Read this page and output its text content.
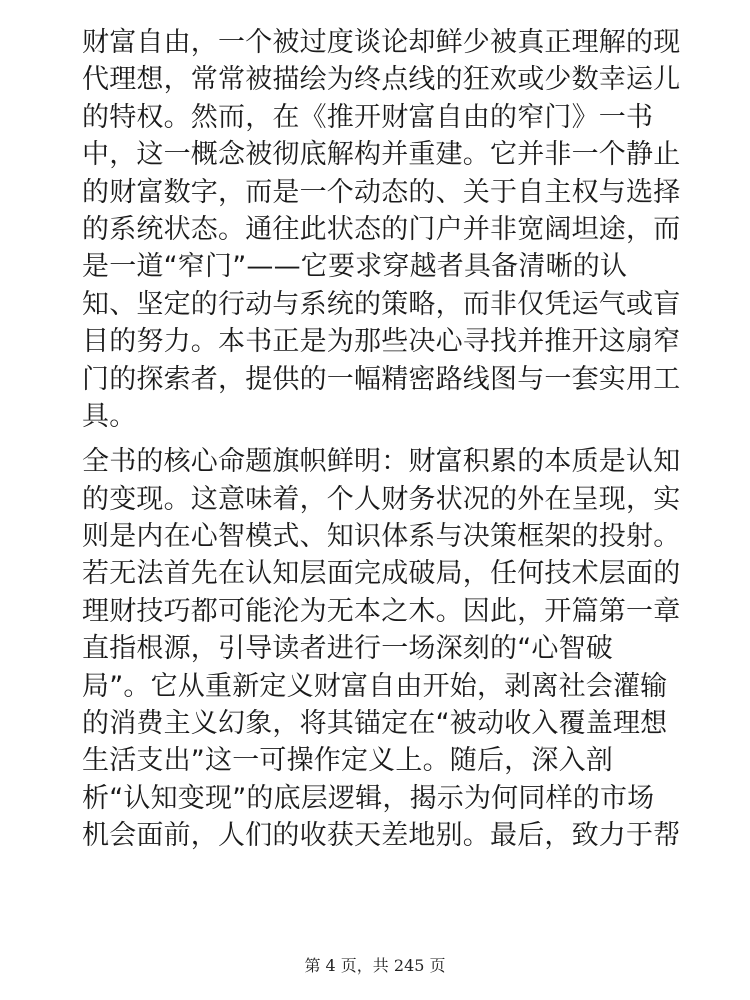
财富自由，一个被过度谈论却鲜少被真正理解的现
代理想，常常被描绘为终点线的狂欢或少数幸运儿
的特权。然而，在《推开财富自由的窄门》一书
中，这一概念被彻底解构并重建。它并非一个静止
的财富数字，而是一个动态的、关于自主权与选择
的系统状态。通往此状态的门户并非宽阔坦途，而
是一道“窄门”——它要求穿越者具备清晰的认
知、坚定的行动与系统的策略，而非仅凭运气或盲
目的努力。本书正是为那些决心寻找并推开这扇窄
门的探索者，提供的一幅精密路线图与一套实用工
具。
全书的核心命题旗帜鲜明：财富积累的本质是认知
的变现。这意味着，个人财务状况的外在呈现，实
则是内在心智模式、知识体系与决策框架的投射。
若无法首先在认知层面完成破局，任何技术层面的
理财技巧都可能沦为无本之木。因此，开篇第一章
直指根源，引导读者进行一场深刻的“心智破
局”。它从重新定义财富自由开始，剥离社会灌输
的消费主义幻象，将其锚定在“被动收入覆盖理想
生活支出”这一可操作定义上。随后，深入剖
析“认知变现”的底层逻辑，揭示为何同样的市场
机会面前，人们的收获天差地别。最后，致力于帮
第 4 页，共 245 页
